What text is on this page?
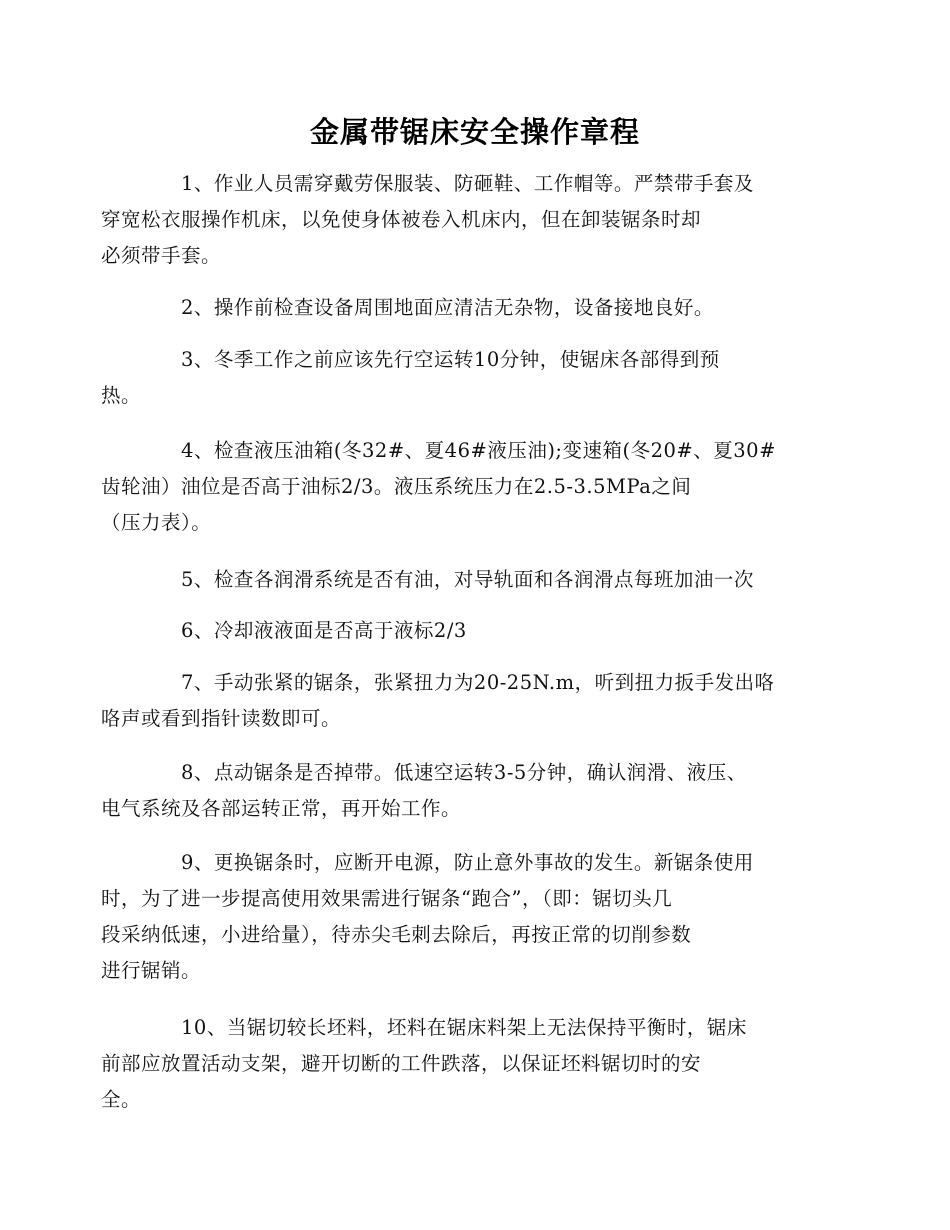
金属带锯床安全操作章程
1、作业人员需穿戴劳保服装、防砸鞋、工作帽等。严禁带手套及
穿宽松衣服操作机床，以免使身体被卷入机床内，但在卸装锯条时却
必须带手套。
2、操作前检查设备周围地面应清洁无杂物，设备接地良好。
3、冬季工作之前应该先行空运转10分钟，使锯床各部得到预
热。
4、检查液压油箱(冬32#、夏46#液压油);变速箱(冬20#、夏30#
齿轮油）油位是否高于油标2/3。液压系统压力在2.5-3.5MPa之间
（压力表）。
5、检查各润滑系统是否有油，对导轨面和各润滑点每班加油一次
6、冷却液液面是否高于液标2/3
7、手动张紧的锯条，张紧扭力为20-25N.m，听到扭力扳手发出咯
咯声或看到指针读数即可。
8、点动锯条是否掉带。低速空运转3-5分钟，确认润滑、液压、
电气系统及各部运转正常，再开始工作。
9、更换锯条时，应断开电源，防止意外事故的发生。新锯条使用
时，为了进一步提高使用效果需进行锯条“跑合”，（即：锯切头几
段采纳低速，小进给量），待赤尖毛刺去除后，再按正常的切削参数
进行锯销。
10、当锯切较长坯料，坯料在锯床料架上无法保持平衡时，锯床
前部应放置活动支架，避开切断的工件跌落，以保证坯料锯切时的安
全。
